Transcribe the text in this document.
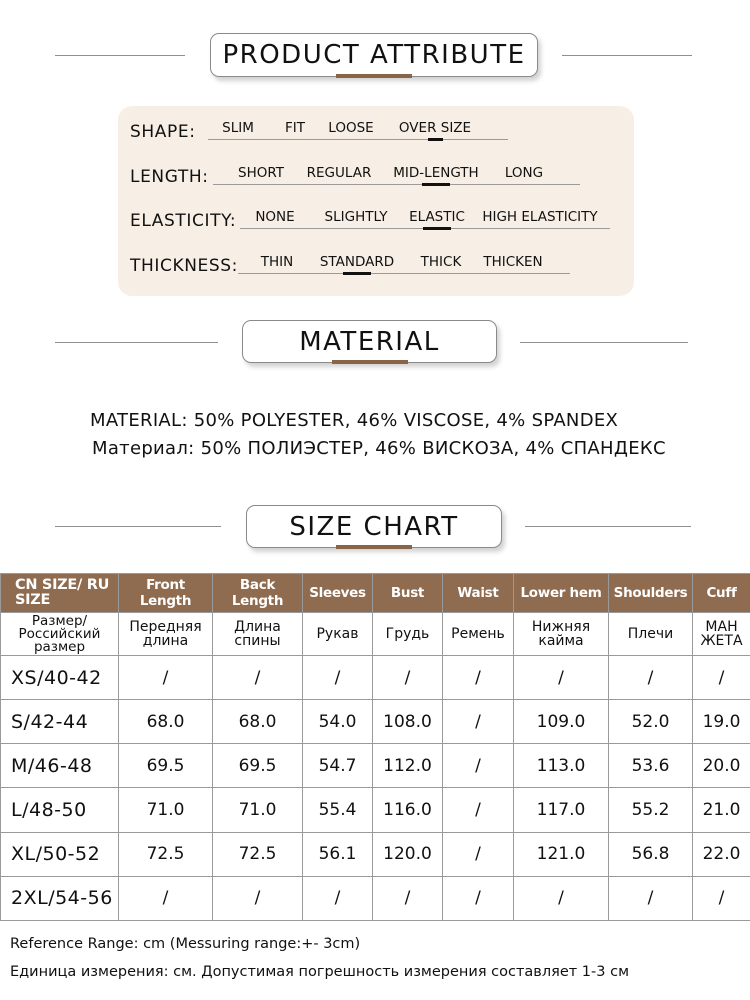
PRODUCT ATTRIBUTE
SHAPE: SLIM FIT LOOSE OVER SIZE
LENGTH: SHORT REGULAR MID-LENGTH LONG
ELASTICITY: NONE SLIGHTLY ELASTIC HIGH ELASTICITY
THICKNESS: THIN STANDARD THICK THICKEN
MATERIAL
MATERIAL: 50% POLYESTER, 46% VISCOSE, 4% SPANDEX
Материал: 50% ПОЛИЭСТЕР, 46% ВИСКОЗА, 4% СПАНДЕКС
SIZE CHART
CN SIZE/ RU SIZE	Front Length	Back Length	Sleeves	Bust	Waist	Lower hem	Shoulders	Cuff
Размер/ Российский размер	Передняя длина	Длина спины	Рукав	Грудь	Ремень	Нижняя кайма	Плечи	МАН ЖЕТА
XS/40-42	/	/	/	/	/	/	/	/
S/42-44	68.0	68.0	54.0	108.0	/	109.0	52.0	19.0
M/46-48	69.5	69.5	54.7	112.0	/	113.0	53.6	20.0
L/48-50	71.0	71.0	55.4	116.0	/	117.0	55.2	21.0
XL/50-52	72.5	72.5	56.1	120.0	/	121.0	56.8	22.0
2XL/54-56	/	/	/	/	/	/	/	/
Reference Range: cm (Messuring range:+- 3cm)
Единица измерения: см. Допустимая погрешность измерения составляет 1-3 см
